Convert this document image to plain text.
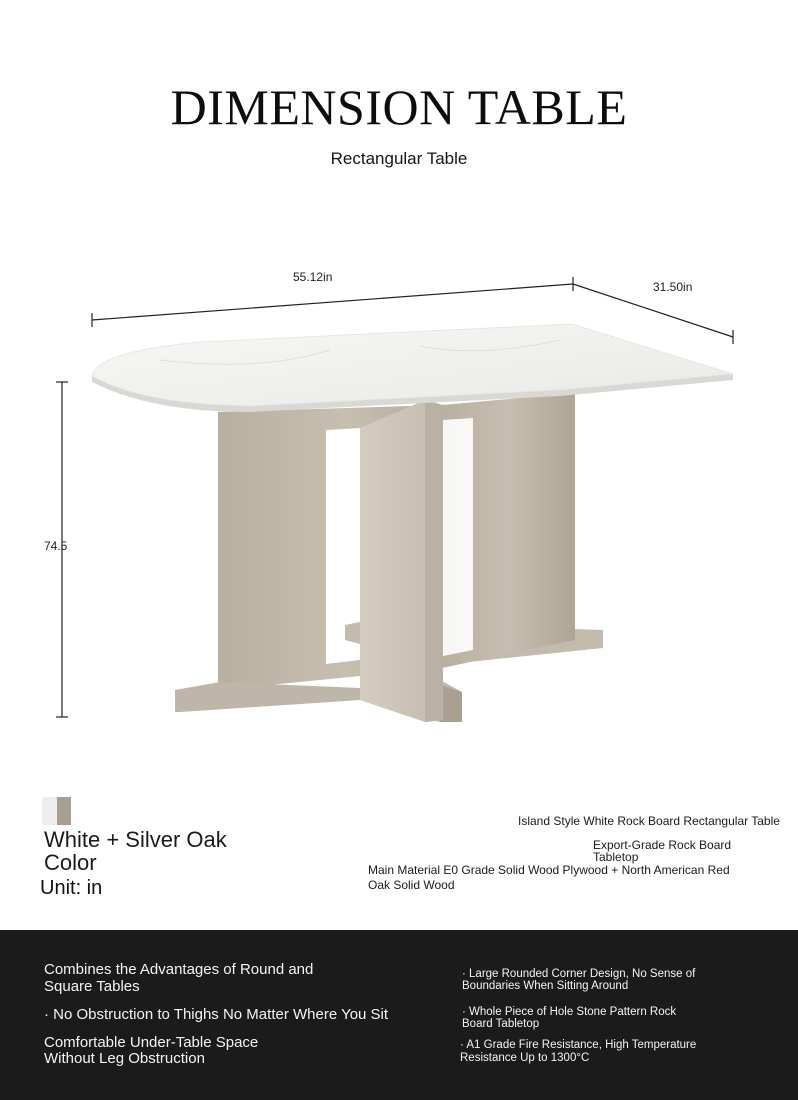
DIMENSION TABLE
Rectangular Table
55.12in
31.50in
74.5
White + Silver Oak
Color
Unit: in
Island Style White Rock Board Rectangular Table
Export-Grade Rock Board
Tabletop
Main Material E0 Grade Solid Wood Plywood + North American Red
Oak Solid Wood
Combines the Advantages of Round and
Square Tables
· No Obstruction to Thighs No Matter Where You Sit
Comfortable Under-Table Space
Without Leg Obstruction
· Large Rounded Corner Design, No Sense of
Boundaries When Sitting Around
· Whole Piece of Hole Stone Pattern Rock
Board Tabletop
· A1 Grade Fire Resistance, High Temperature
Resistance Up to 1300°C
